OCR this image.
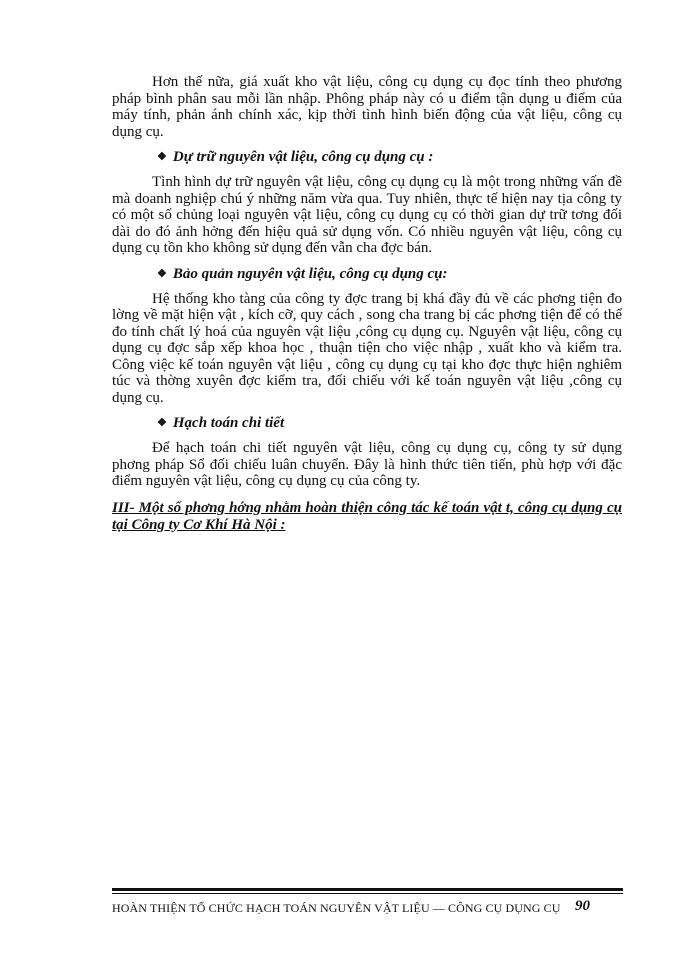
Hơn thế nữa, giá xuất kho vật liệu, công cụ dụng cụ đọc tính theo phương pháp bình phân sau mỗi lần nhập. Phông pháp này có u điểm tận dụng u điểm của máy tính, phản ánh chính xác, kịp thời tình hình biến động của vật liệu, công cụ dụng cụ.

❖ Dự trữ nguyên vật liệu, công cụ dụng cụ :

Tình hình dự trữ nguyên vật liệu, công cụ dụng cụ là một trong những vấn đề mà doanh nghiệp chú ý những năm vừa qua. Tuy nhiên, thực tế hiện nay tịa công ty có một số chủng loại nguyên vật liệu, công cụ dụng cụ có thời gian dự trữ tơng đối dài do đó ảnh hởng đến hiệu quả sử dụng vốn. Có nhiều nguyên vật liệu, công cụ dụng cụ tồn kho không sử dụng đến vẫn cha đợc bán.

❖ Bảo quản nguyên vật liệu, công cụ dụng cụ:

Hệ thống kho tàng của công ty đợc trang bị khá đầy đủ về các phơng tiện đo lờng về mặt hiện vật , kích cỡ, quy cách , song cha trang bị các phơng tiện để có thể đo tính chất lý hoá của nguyên vật liệu ,công cụ dụng cụ. Nguyên vật liệu, công cụ dụng cụ đợc sắp xếp khoa học , thuận tiện cho việc nhập , xuất kho và kiểm tra. Công việc kế toán nguyên vật liệu , công cụ dụng cụ tại kho đợc thực hiện nghiêm túc và thờng xuyên đợc kiểm tra, đối chiếu với kế toán nguyên vật liệu ,công cụ dụng cụ.

❖ Hạch toán chi tiết

Để hạch toán chi tiết nguyên vật liệu, công cụ dụng cụ, công ty sử dụng phơng pháp Sổ đối chiếu luân chuyển. Đây là hình thức tiên tiến, phù hợp với đặc điểm nguyên vật liệu, công cụ dụng cụ của công ty.

III- Một số phơng hớng nhằm hoàn thiện công tác kế toán vật t, công cụ dụng cụ tại Công ty Cơ Khí Hà Nội :

HOÀN THIỆN TỔ CHỨC HẠCH TOÁN NGUYÊN VẬT LIỆU — CÔNG CỤ DỤNG CỤ 90
